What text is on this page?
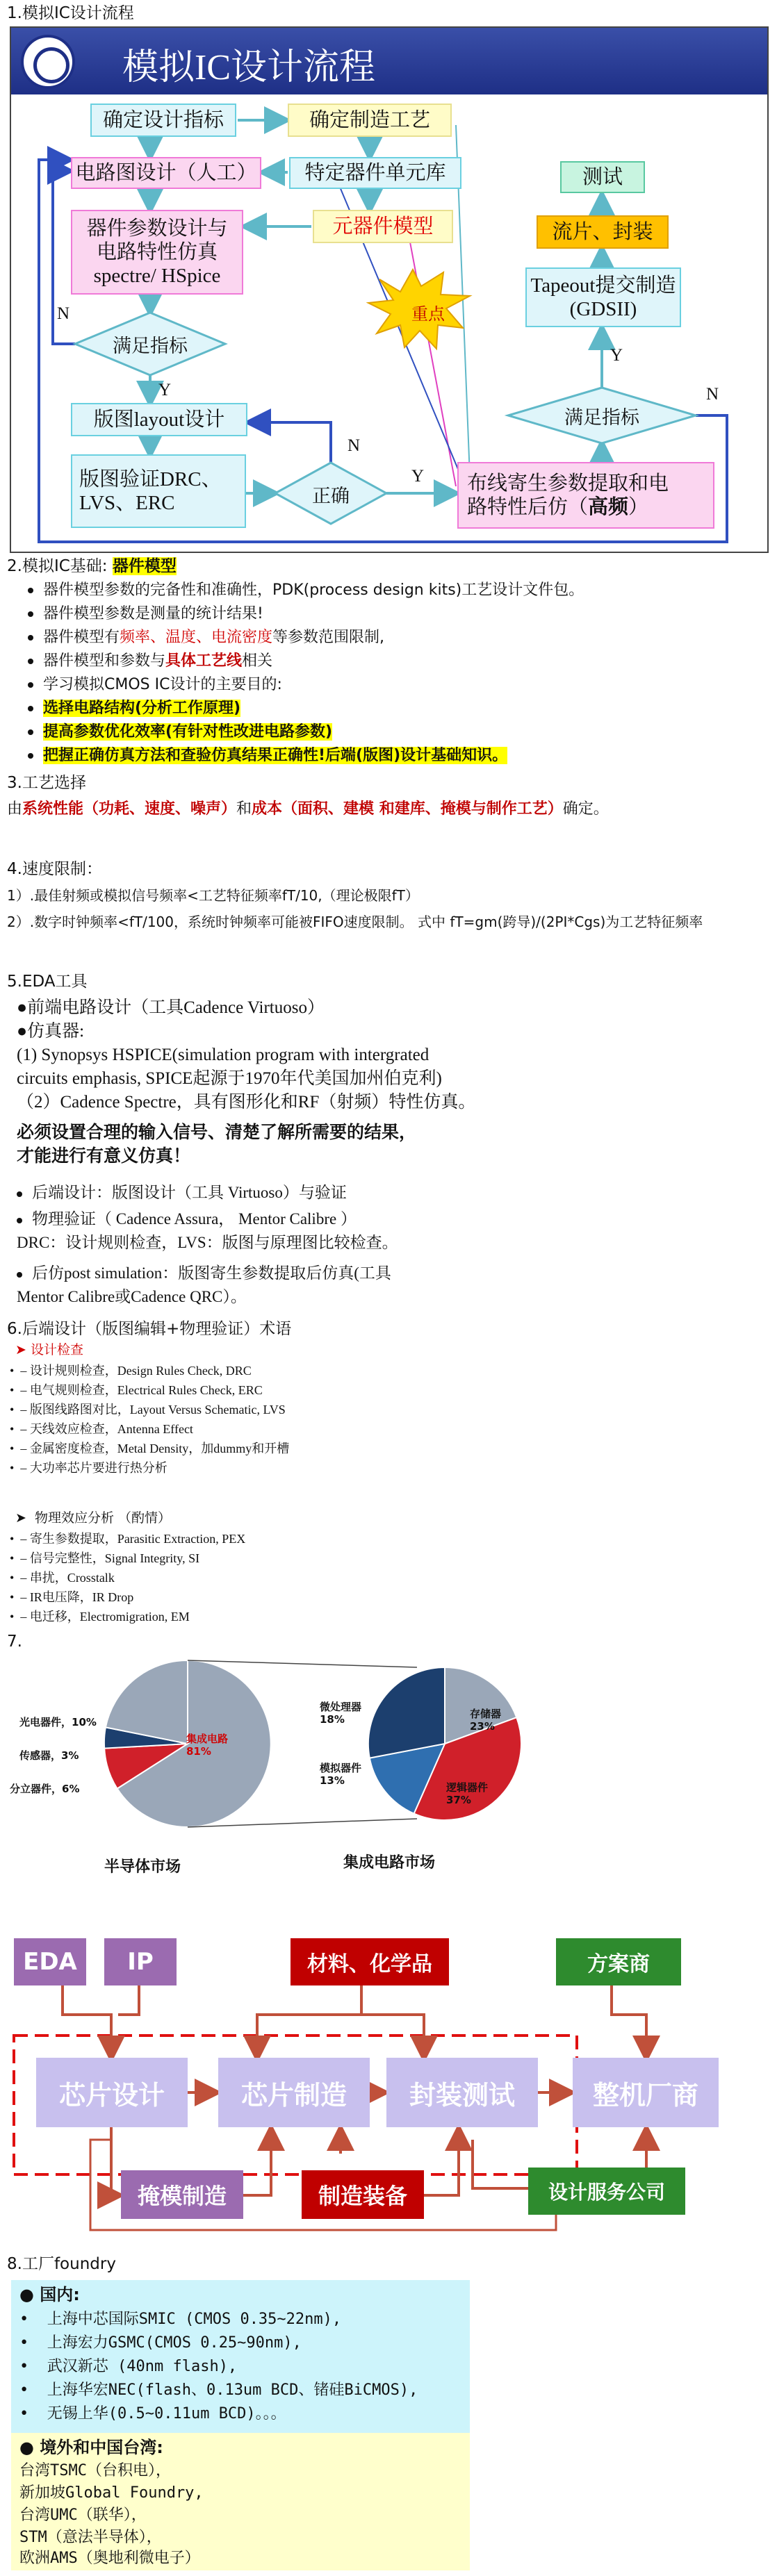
1.模拟IC设计流程
模拟IC设计流程
确定设计指标	确定制造工艺
电路图设计（人工）	特定器件单元库
器件参数设计与
电路特性仿真
spectre/ HSpice
元器件模型
重点
满足指标
版图layout设计
版图验证DRC、
LVS、ERC	正确
布线寄生参数提取和电
路特性后仿（高频）
满足指标
Tapeout提交制造
(GDSII)
流片、封装
测试
N
Y
N
Y
Y
N
2.模拟IC基础: 器件模型
器件模型参数的完备性和准确性，PDK(process design kits)工艺设计文件包。
器件模型参数是测量的统计结果!
器件模型有频率、温度、电流密度等参数范围限制,
器件模型和参数与具体工艺线相关
学习模拟CMOS IC设计的主要目的:
选择电路结构(分析工作原理)
提高参数优化效率(有针对性改进电路参数)
把握正确仿真方法和查验仿真结果正确性!后端(版图)设计基础知识。
3.工艺选择
由系统性能（功耗、速度、噪声）和成本（面积、建模 和建库、掩模与制作工艺）确定。
4.速度限制：
1）.最佳射频或模拟信号频率<工艺特征频率fT/10,（理论极限fT）
2）.数字时钟频率<fT/100，系统时钟频率可能被FIFO速度限制。 式中 fT=gm(跨导)/(2PI*Cgs)为工艺特征频率
5.EDA工具
●前端电路设计（工具Cadence Virtuoso）
●仿真器:
(1) Synopsys HSPICE(simulation program with intergrated
circuits emphasis, SPICE起源于1970年代美国加州伯克利)
（2）Cadence Spectre，具有图形化和RF（射频）特性仿真。
必须设置合理的输入信号、清楚了解所需要的结果，
才能进行有意义仿真！
后端设计：版图设计（工具 Virtuoso）与验证
物理验证（ Cadence Assura， Mentor Calibre ）
DRC：设计规则检查，LVS：版图与原理图比较检查。
后仿post simulation：版图寄生参数提取后仿真(工具
Mentor Calibre或Cadence QRC）。
6.后端设计（版图编辑+物理验证）术语
➤ 设计检查
•  – 设计规则检查，Design Rules Check, DRC
•  – 电气规则检查，Electrical Rules Check, ERC
•  – 版图线路图对比，Layout Versus Schematic, LVS
•  – 天线效应检查，Antenna Effect
•  – 金属密度检查，Metal Density，加dummy和开槽
•  – 大功率芯片要进行热分析
➤  物理效应分析 （酌情）
•  – 寄生参数提取，Parasitic Extraction, PEX
•  – 信号完整性，Signal Integrity, SI
•  – 串扰，Crosstalk
•  – IR电压降，IR Drop
•  – 电迁移，Electromigration, EM
7.
光电器件，10%
传感器，3%
分立器件，6%
集成电路
81%
半导体市场
微处理器
18%	存储器
23%
模拟器件
13%
逻辑器件
37%
集成电路市场
EDA	IP	材料、化学品	方案商
芯片设计	芯片制造	封装测试	整机厂商
掩模制造	制造装备	设计服务公司
8.工厂foundry
● 国内:
•  上海中芯国际SMIC (CMOS 0.35~22nm),
•  上海宏力GSMC(CMOS 0.25~90nm),
•  武汉新芯 (40nm flash),
•  上海华宏NEC(flash、0.13um BCD、锗硅BiCMOS),
•  无锡上华(0.5~0.11um BCD)。。。
● 境外和中国台湾:
台湾TSMC（台积电），
新加坡Global Foundry,
台湾UMC（联华），
STM（意法半导体），
欧洲AMS（奥地利微电子）
